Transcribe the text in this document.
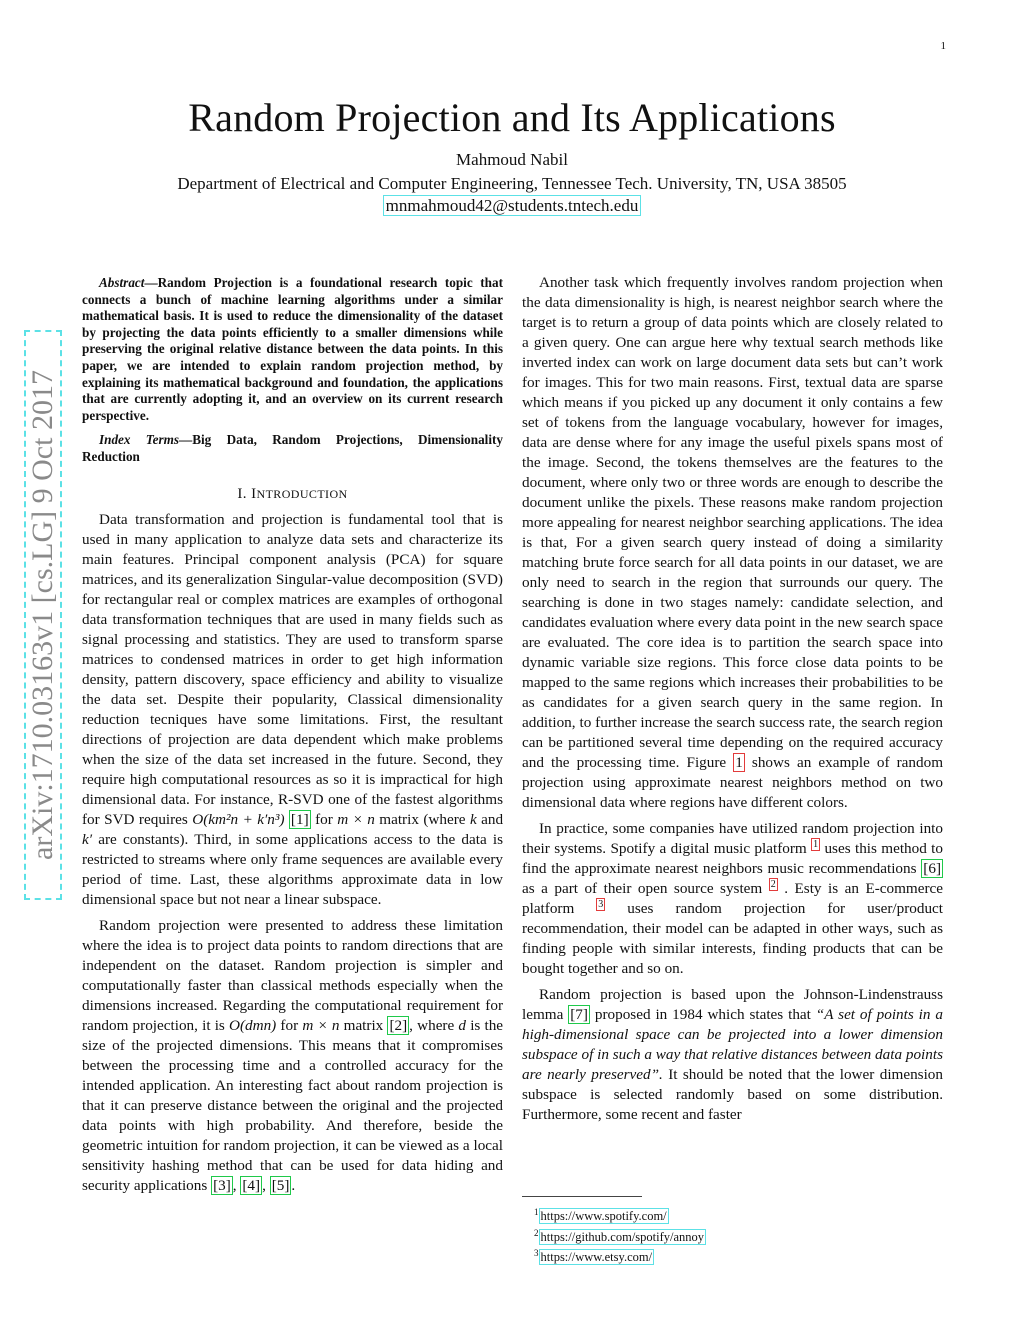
1
Random Projection and Its Applications
Mahmoud Nabil
Department of Electrical and Computer Engineering, Tennessee Tech. University, TN, USA 38505
mnmahmoud42@students.tntech.edu
arXiv:1710.03163v1 [cs.LG] 9 Oct 2017

Abstract—Random Projection is a foundational research topic that connects a bunch of machine learning algorithms under a similar mathematical basis. It is used to reduce the dimensionality of the dataset by projecting the data points efficiently to a smaller dimensions while preserving the original relative distance between the data points. In this paper, we are intended to explain random projection method, by explaining its mathematical background and foundation, the applications that are currently adopting it, and an overview on its current research perspective.

Index Terms—Big Data, Random Projections, Dimensionality Reduction

I. INTRODUCTION

Data transformation and projection is fundamental tool that is used in many application to analyze data sets and characterize its main features. Principal component analysis (PCA) for square matrices, and its generalization Singular-value decomposition (SVD) for rectangular real or complex matrices are examples of orthogonal data transformation techniques that are used in many fields such as signal processing and statistics. They are used to transform sparse matrices to condensed matrices in order to get high information density, pattern discovery, space efficiency and ability to visualize the data set. Despite their popularity, Classical dimensionality reduction tecniques have some limitations. First, the resultant directions of projection are data dependent which make problems when the size of the data set increased in the future. Second, they require high computational resources as so it is impractical for high dimensional data. For instance, R-SVD one of the fastest algorithms for SVD requires O(km²n + k′n³) [1] for m × n matrix (where k and k′ are constants). Third, in some applications access to the data is restricted to streams where only frame sequences are available every period of time. Last, these algorithms approximate data in low dimensional space but not near a linear subspace.

Random projection were presented to address these limitation where the idea is to project data points to random directions that are independent on the dataset. Random projection is simpler and computationally faster than classical methods especially when the dimensions increased. Regarding the computational requirement for random projection, it is O(dmn) for m × n matrix [2] , where d is the size of the projected dimensions. This means that it compromises between the processing time and a controlled accuracy for the intended application. An interesting fact about random projection is that it can preserve distance between the original and the projected data points with high probability. And therefore, beside the geometric intuition for random projection, it can be viewed as a local sensitivity hashing method that can be used for data hiding and security applications [3] , [4] , [5] .

Another task which frequently involves random projection when the data dimensionality is high, is nearest neighbor search where the target is to return a group of data points which are closely related to a given query. One can argue here why textual search methods like inverted index can work on large document data sets but can’t work for images. This for two main reasons. First, textual data are sparse which means if you picked up any document it only contains a few set of tokens from the language vocabulary, however for images, data are dense where for any image the useful pixels spans most of the image. Second, the tokens themselves are the features to the document, where only two or three words are enough to describe the document unlike the pixels. These reasons make random projection more appealing for nearest neighbor searching applications. The idea is that, For a given search query instead of doing a similarity matching brute force search for all data points in our dataset, we are only need to search in the region that surrounds our query. The searching is done in two stages namely: candidate selection, and candidates evaluation where every data point in the new search space are evaluated. The core idea is to partition the search space into dynamic variable size regions. This force close data points to be mapped to the same regions which increases their probabilities to be as candidates for a given search query in the same region. In addition, to further increase the search success rate, the search region can be partitioned several time depending on the required accuracy and the processing time. Figure 1 shows an example of random projection using approximate nearest neighbors method on two dimensional data where regions have different colors.

In practice, some companies have utilized random projection into their systems. Spotify a digital music platform $^1$ uses this method to find the approximate nearest neighbors music recommendations [6] as a part of their open source system $^2$ . Esty is an E-commerce platform $^3$ uses random projection for user/product recommendation, their model can be adapted in other ways, such as finding people with similar interests, finding products that can be bought together and so on.

Random projection is based upon the Johnson-Lindenstrauss lemma [7] proposed in 1984 which states that “A set of points in a high-dimensional space can be projected into a lower dimension subspace of in such a way that relative distances between data points are nearly preserved”. It should be noted that the lower dimension subspace is selected randomly based on some distribution. Furthermore, some recent and faster

$^1$ https://www.spotify.com/
$^2$ https://github.com/spotify/annoy
$^3$ https://www.etsy.com/
